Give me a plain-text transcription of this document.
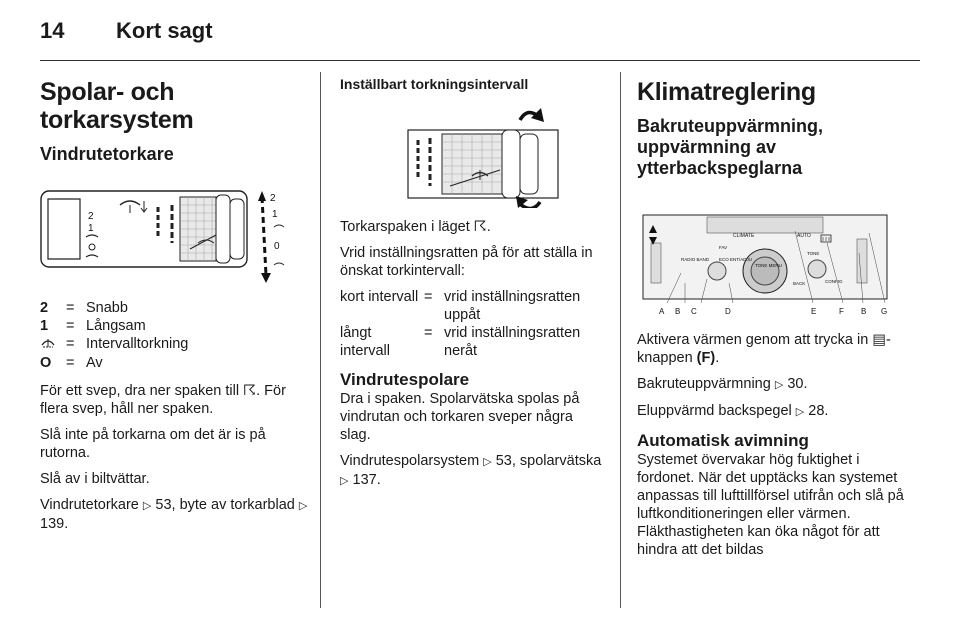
14 Kort sagt
Spolar- och torkarsystem
Vindrutetorkare
2
1
2
1
0
2	= Snabb
1	= Långsam
= Intervalltorkning
O	= Av

För ett svep, dra ner spaken till ☈. För flera svep, håll ner spaken.

Slå inte på torkarna om det är is på rutorna.

Slå av i biltvättar.

Vindrutetorkare ▷ 53, byte av torkarblad ▷ 139.

Inställbart torkningsintervall

Torkarspaken i läget ☈.

Vrid inställningsratten på för att ställa in önskat torkintervall:

kort intervall = vrid inställningsratten uppåt
långt intervall
= vrid inställningsratten neråt
Vindrutespolare

Dra i spaken. Spolarvätska spolas på vindrutan och torkaren sveper några slag.

Vindrutespolarsystem ▷ 53, spolarvätska ▷ 137.

Klimatreglering
Bakruteuppvärmning, uppvärmning av ytterbackspeglarna
CLIMATE	AUTO
RADIO BAND ECO ENT/ADJU
TONE MENU
TONE
CONFIG
BACK
FAV
A B C	D	E	F B G

Aktivera värmen genom att trycka in ▤-knappen (F).

Bakruteuppvärmning ▷ 30.

Eluppvärmd backspegel ▷ 28.

Automatisk avimning

Systemet övervakar hög fuktighet i fordonet. När det upptäcks kan systemet anpassas till lufttillförsel utifrån och slå på luftkonditioneringen eller värmen. Fläkthastigheten kan öka något för att hindra att det bildas
